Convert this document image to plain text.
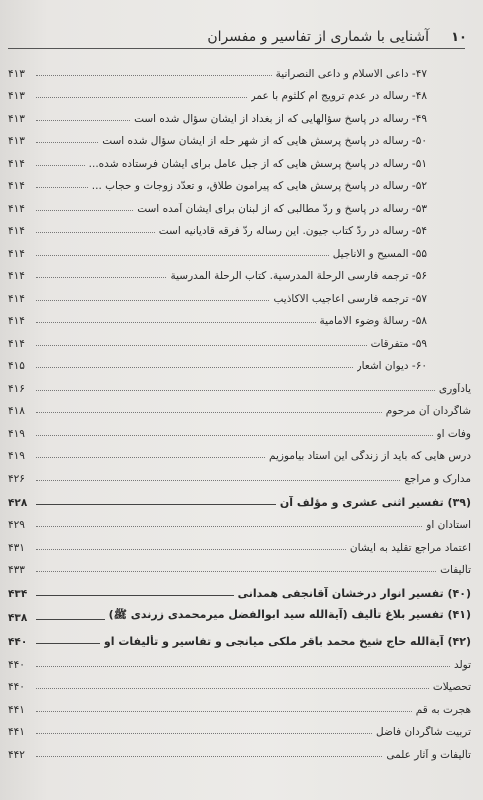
١٠
آشنایی با شماری از تفاسیر و مفسران
۴۷- داعی الاسلام و داعی النصرانیة
۴۱۳
۴۸- رساله در عدم ترویج ام کلثوم با عمر
۴۱۳
۴۹- رساله در پاسخ سؤالهایی که از بغداد از ایشان سؤال شده است
۴۱۳
۵۰- رساله در پاسخ پرسش هایی که از شهر حله از ایشان سؤال شده است
۴۱۳
۵۱- رساله در پاسخ پرسش هایی که از جبل عامل برای ایشان فرستاده شده...
۴۱۴
۵۲- رساله در پاسخ پرسش هایی که پیرامون طلاق، و تعدّد زوجات و حجاب ...
۴۱۴
۵۳- رساله در پاسخ و ردّ مطالبی که از لبنان برای ایشان آمده است
۴۱۴
۵۴- رساله در ردّ کتاب جیون. این رساله ردّ فرقه قادیانیه است
۴۱۴
۵۵- المسیح و الاناجیل
۴۱۴
۵۶- ترجمه فارسی الرحلة المدرسیة. کتاب الرحلة المدرسیة
۴۱۴
۵۷- ترجمه فارسی اعاجیب الاکاذیب
۴۱۴
۵۸- رسالهٔ وضوء الامامیة
۴۱۴
۵۹- متفرقات
۴۱۴
۶۰- دیوان اشعار
۴۱۵
یادآوری
۴۱۶
شاگردان آن مرحوم
۴۱۸
وفات او
۴۱۹
درس هایی که باید از زندگی این استاد بیاموزیم
۴۱۹
مدارک و مراجع
۴۲۶
(۳۹) تفسیر اثنی عشری و مؤلف آن
۴۲۸
استادان او
۴۲۹
اعتماد مراجع تقلید به ایشان
۴۳۱
تألیفات
۴۳۳
(۴۰) تفسیر انوار درخشان آقانجفی همدانی
۴۳۴
(۴۱) تفسیر بلاغ تألیف (آیةالله سید ابوالفضل میرمحمدی زرندی ﷺ)
۴۳۸
(۴۲) آیةالله حاج شیخ محمد باقر ملکی میانجی و تفاسیر و تألیفات او
۴۴۰
تولد
۴۴۰
تحصیلات
۴۴۰
هجرت به قم
۴۴۱
تربیت شاگردان فاضل
۴۴۱
تألیفات و آثار علمی
۴۴۲
